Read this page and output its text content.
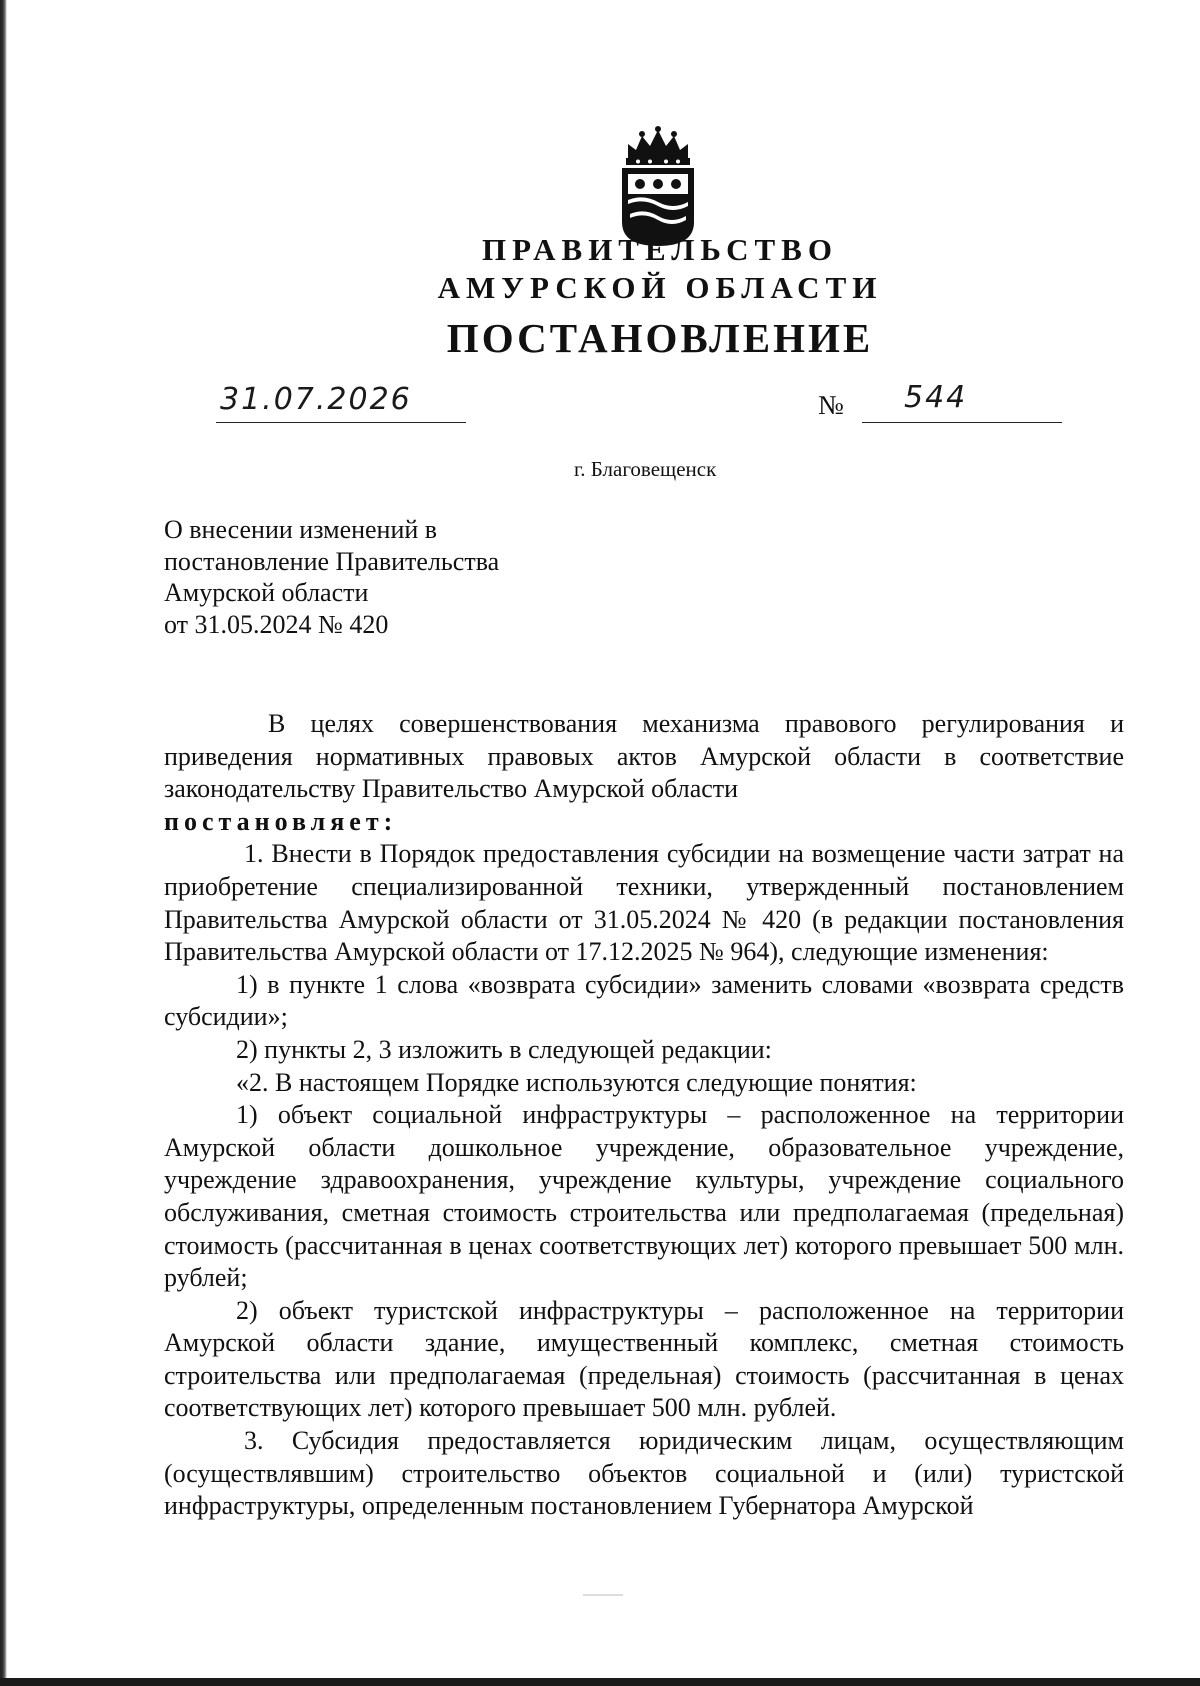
ПРАВИТЕЛЬСТВО
АМУРСКОЙ ОБЛАСТИ
ПОСТАНОВЛЕНИЕ
31.07.2026	№ 544
г. Благовещенск
О внесении изменений в
постановление Правительства
Амурской области
от 31.05.2024 № 420

В целях совершенствования механизма правового регулирования и приведения нормативных правовых актов Амурской области в соответствие законодательству Правительство Амурской области

постановляет:

1. Внести в Порядок предоставления субсидии на возмещение части затрат на приобретение специализированной техники, утвержденный постановлением Правительства Амурской области от 31.05.2024 № 420 (в редакции постановления Правительства Амурской области от 17.12.2025 № 964), следующие изменения:

1) в пункте 1 слова «возврата субсидии» заменить словами «возврата средств субсидии»;

2) пункты 2, 3 изложить в следующей редакции:

«2. В настоящем Порядке используются следующие понятия:

1) объект социальной инфраструктуры – расположенное на территории Амурской области дошкольное учреждение, образовательное учреждение, учреждение здравоохранения, учреждение культуры, учреждение социального обслуживания, сметная стоимость строительства или предполагаемая (предельная) стоимость (рассчитанная в ценах соответствующих лет) которого превышает 500 млн. рублей;

2) объект туристской инфраструктуры – расположенное на территории Амурской области здание, имущественный комплекс, сметная стоимость строительства или предполагаемая (предельная) стоимость (рассчитанная в ценах соответствующих лет) которого превышает 500 млн. рублей.

3. Субсидия предоставляется юридическим лицам, осуществляющим (осуществлявшим) строительство объектов социальной и (или) туристской инфраструктуры, определенным постановлением Губернатора Амурской
